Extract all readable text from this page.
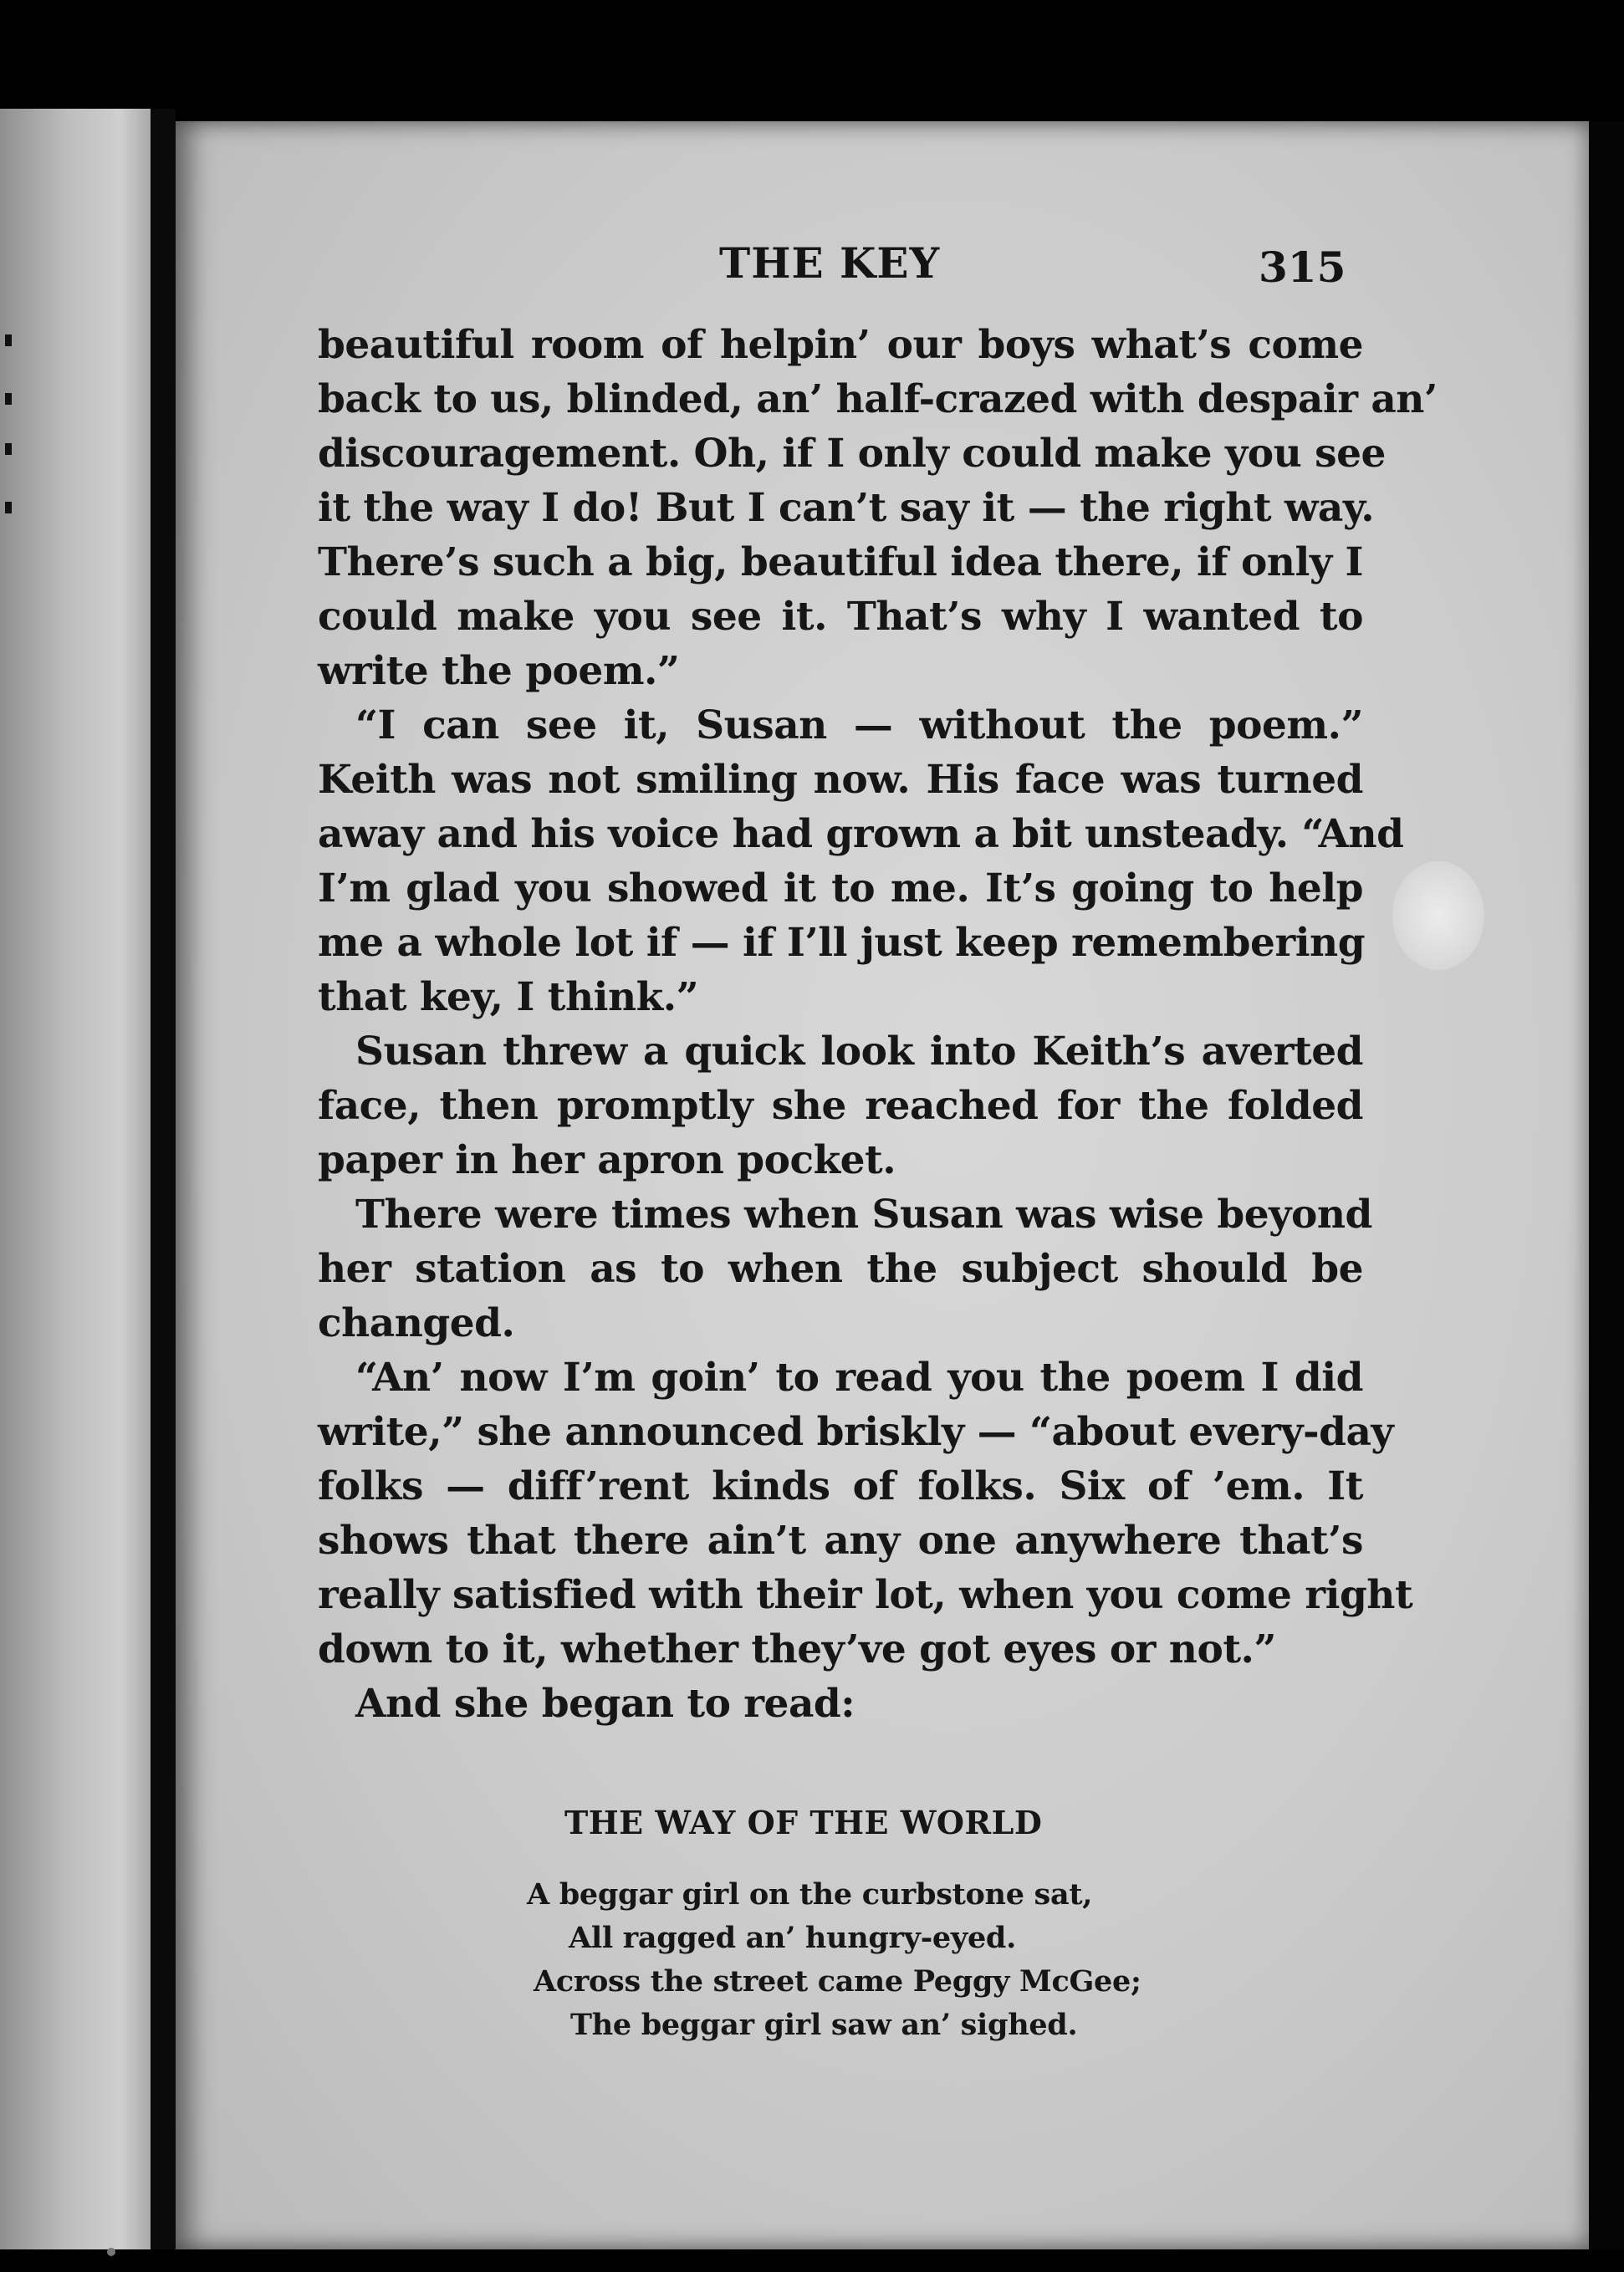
THE KEY	315
beautiful room of helpin’ our boys what’s come
back to us, blinded, an’ half-crazed with despair an’
discouragement. Oh, if I only could make you see
it the way I do! But I can’t say it — the right way.
There’s such a big, beautiful idea there, if only I
could make you see it. That’s why I wanted to
write the poem.”
“I can see it, Susan — without the poem.”
Keith was not smiling now. His face was turned
away and his voice had grown a bit unsteady. “And
I’m glad you showed it to me. It’s going to help
me a whole lot if — if I’ll just keep remembering
that key, I think.”
Susan threw a quick look into Keith’s averted
face, then promptly she reached for the folded
paper in her apron pocket.
There were times when Susan was wise beyond
her station as to when the subject should be
changed.
“An’ now I’m goin’ to read you the poem I did
write,” she announced briskly — “about every-day
folks — diff’rent kinds of folks. Six of ’em. It
shows that there ain’t any one anywhere that’s
really satisfied with their lot, when you come right
down to it, whether they’ve got eyes or not.”
And she began to read:
THE WAY OF THE WORLD
A beggar girl on the curbstone sat,
All ragged an’ hungry-eyed.
Across the street came Peggy McGee;
The beggar girl saw an’ sighed.
